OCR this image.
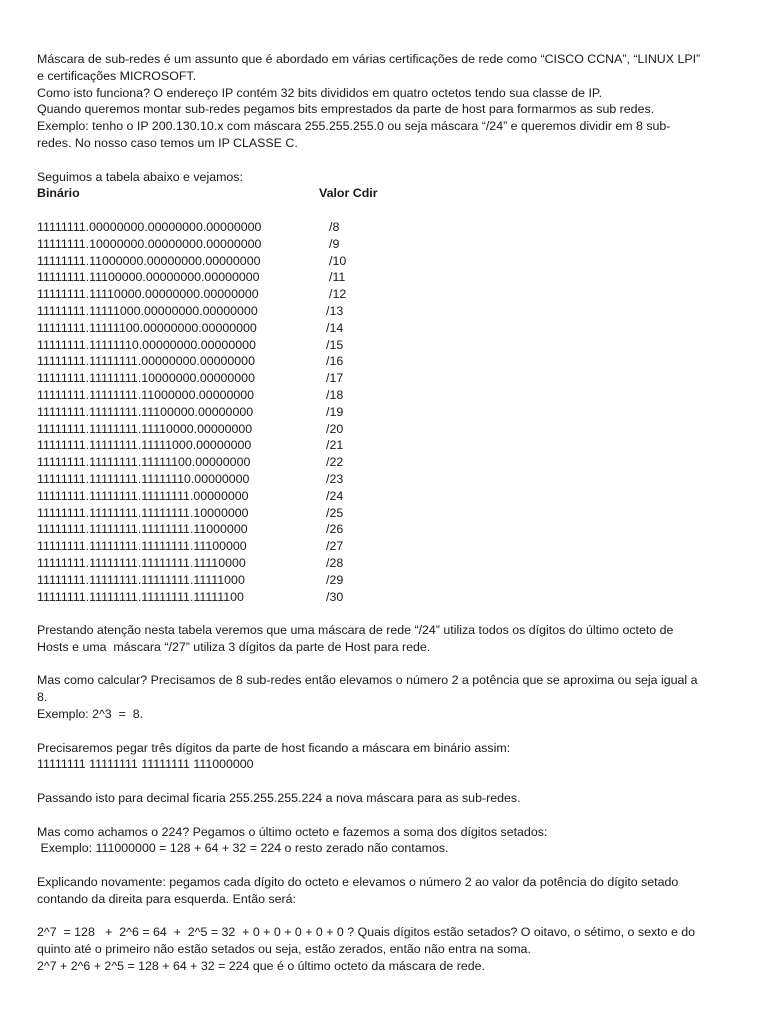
Máscara de sub-redes é um assunto que é abordado em várias certificações de rede como “CISCO CCNA”, “LINUX LPI”

e certificações MICROSOFT.

Como isto funciona? O endereço IP contém 32 bits divididos em quatro octetos tendo sua classe de IP.

Quando queremos montar sub-redes pegamos bits emprestados da parte de host para formarmos as sub redes.

Exemplo: tenho o IP 200.130.10.x com máscara 255.255.255.0 ou seja máscara “/24” e queremos dividir em 8 sub-

redes. No nosso caso temos um IP CLASSE C.

Seguimos a tabela abaixo e vejamos:

Binário	Valor Cdir
11111111.00000000.00000000.00000000	/8
11111111.10000000.00000000.00000000	/9
11111111.11000000.00000000.00000000	/10
11111111.11100000.00000000.00000000	/11
11111111.11110000.00000000.00000000	/12
11111111.11111000.00000000.00000000	/13
11111111.11111100.00000000.00000000	/14
11111111.11111110.00000000.00000000	/15
11111111.11111111.00000000.00000000	/16
11111111.11111111.10000000.00000000	/17
11111111.11111111.11000000.00000000	/18
11111111.11111111.11100000.00000000	/19
11111111.11111111.11110000.00000000	/20
11111111.11111111.11111000.00000000	/21
11111111.11111111.11111100.00000000	/22
11111111.11111111.11111110.00000000	/23
11111111.11111111.11111111.00000000	/24
11111111.11111111.11111111.10000000	/25
11111111.11111111.11111111.11000000	/26
11111111.11111111.11111111.11100000	/27
11111111.11111111.11111111.11110000	/28
11111111.11111111.11111111.11111000	/29
11111111.11111111.11111111.11111100	/30

Prestando atenção nesta tabela veremos que uma máscara de rede “/24” utiliza todos os dígitos do último octeto de

Hosts e uma  máscara “/27” utiliza 3 dígitos da parte de Host para rede.

Mas como calcular? Precisamos de 8 sub-redes então elevamos o número 2 a potência que se aproxima ou seja igual a

8.

Exemplo: 2^3  =  8.

Precisaremos pegar três dígitos da parte de host ficando a máscara em binário assim:

11111111 11111111 11111111 111000000

Passando isto para decimal ficaria 255.255.255.224 a nova máscara para as sub-redes.

Mas como achamos o 224? Pegamos o último octeto e fazemos a soma dos dígitos setados:

Exemplo: 111000000 = 128 + 64 + 32 = 224 o resto zerado não contamos.

Explicando novamente: pegamos cada dígito do octeto e elevamos o número 2 ao valor da potência do dígito setado

contando da direita para esquerda. Então será:

2^7  = 128   +  2^6 = 64  +  2^5 = 32  + 0 + 0 + 0 + 0 + 0 ? Quais dígitos estão setados? O oitavo, o sétimo, o sexto e do

quinto até o primeiro não estão setados ou seja, estão zerados, então não entra na soma.

2^7 + 2^6 + 2^5 = 128 + 64 + 32 = 224 que é o último octeto da máscara de rede.
